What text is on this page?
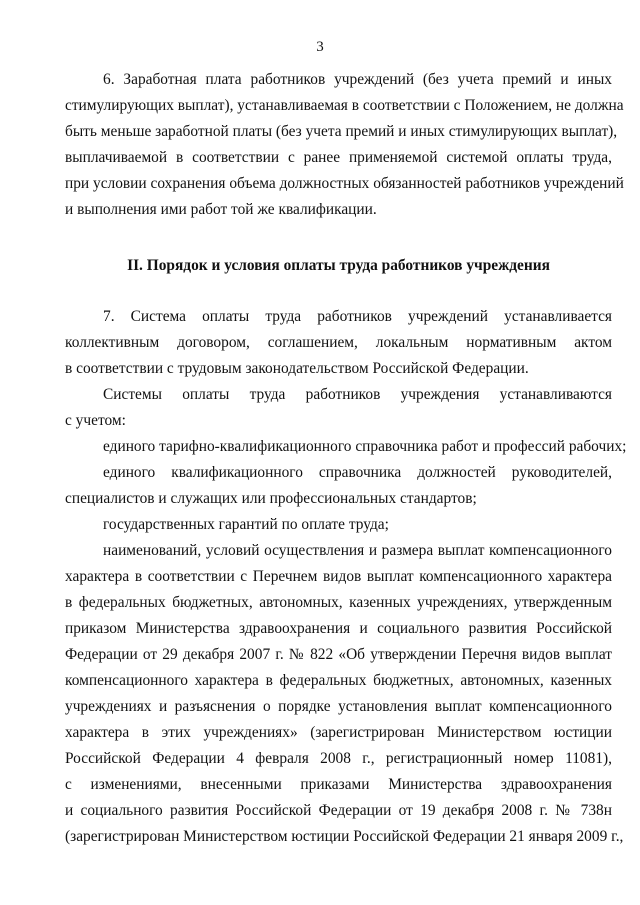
3
6. Заработная плата работников учреждений (без учета премий и иных
стимулирующих выплат), устанавливаемая в соответствии с Положением, не должна
быть меньше заработной платы (без учета премий и иных стимулирующих выплат),
выплачиваемой в соответствии с ранее применяемой системой оплаты труда,
при условии сохранения объема должностных обязанностей работников учреждений
и выполнения ими работ той же квалификации.
II. Порядок и условия оплаты труда работников учреждения
7. Система оплаты труда работников учреждений устанавливается
коллективным договором, соглашением, локальным нормативным актом
в соответствии с трудовым законодательством Российской Федерации.
Системы оплаты труда работников учреждения устанавливаются
с учетом:
единого тарифно-квалификационного справочника работ и профессий рабочих;
единого квалификационного справочника должностей руководителей,
специалистов и служащих или профессиональных стандартов;
государственных гарантий по оплате труда;
наименований, условий осуществления и размера выплат компенсационного
характера в соответствии с Перечнем видов выплат компенсационного характера
в федеральных бюджетных, автономных, казенных учреждениях, утвержденным
приказом Министерства здравоохранения и социального развития Российской
Федерации от 29 декабря 2007 г. № 822 «Об утверждении Перечня видов выплат
компенсационного характера в федеральных бюджетных, автономных, казенных
учреждениях и разъяснения о порядке установления выплат компенсационного
характера в этих учреждениях» (зарегистрирован Министерством юстиции
Российской Федерации 4 февраля 2008 г., регистрационный номер 11081),
с изменениями, внесенными приказами Министерства здравоохранения
и социального развития Российской Федерации от 19 декабря 2008 г. № 738н
(зарегистрирован Министерством юстиции Российской Федерации 21 января 2009 г.,
